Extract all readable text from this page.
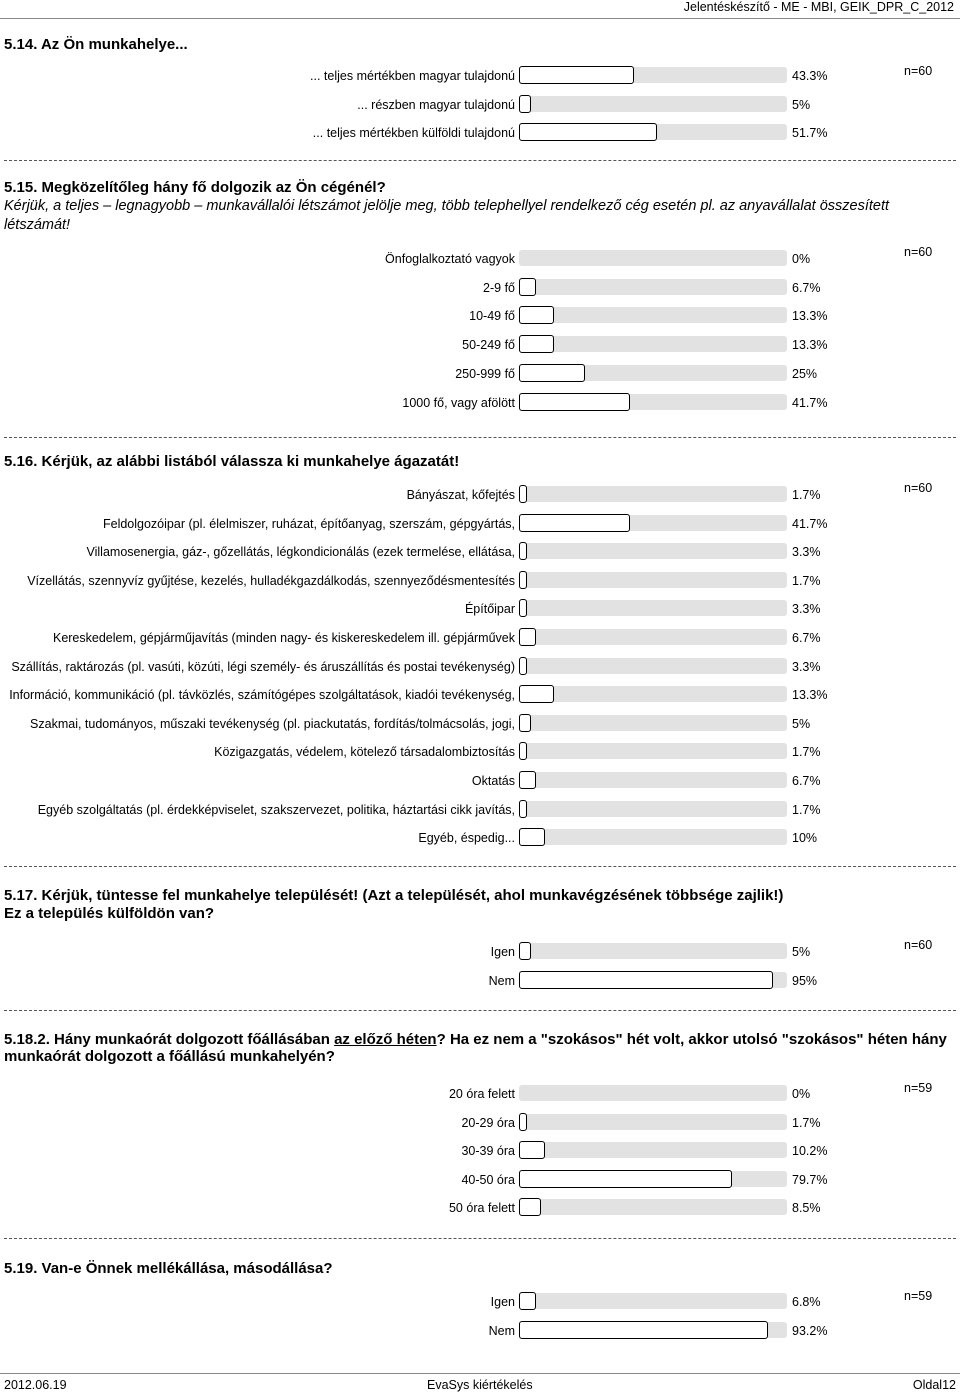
Jelentéskészítő - ME - MBI, GEIK_DPR_C_2012
5.14. Az Ön munkahelye...
n=60
... teljes mértékben magyar tulajdonú	43.3%
... részben magyar tulajdonú	5%
... teljes mértékben külföldi tulajdonú	51.7%
5.15. Megközelítőleg hány fő dolgozik az Ön cégénél?
Kérjük, a teljes – legnagyobb – munkavállalói létszámot jelölje meg, több telephellyel rendelkező cég esetén pl. az anyavállalat összesített létszámát!
n=60
Önfoglalkoztató vagyok	0%
2-9 fő	6.7%
10-49 fő	13.3%
50-249 fő	13.3%
250-999 fő	25%
1000 fő, vagy afölött	41.7%
5.16. Kérjük, az alábbi listából válassza ki munkahelye ágazatát!
n=60
Bányászat, kőfejtés	1.7%
Feldolgozóipar (pl. élelmiszer, ruházat, építőanyag, szerszám, gépgyártás,	41.7%
Villamosenergia, gáz-, gőzellátás, légkondicionálás (ezek termelése, ellátása,	3.3%
Vízellátás, szennyvíz gyűjtése, kezelés, hulladékgazdálkodás, szennyeződésmentesítés	1.7%
Építőipar	3.3%
Kereskedelem, gépjárműjavítás (minden nagy- és kiskereskedelem ill. gépjárművek	6.7%
Szállítás, raktározás (pl. vasúti, közúti, légi személy- és áruszállítás és postai tevékenység)	3.3%
Információ, kommunikáció (pl. távközlés, számítógépes szolgáltatások, kiadói tevékenység,	13.3%
Szakmai, tudományos, műszaki tevékenység (pl. piackutatás, fordítás/tolmácsolás, jogi,	5%
Közigazgatás, védelem, kötelező társadalombiztosítás	1.7%
Oktatás	6.7%
Egyéb szolgáltatás (pl. érdekképviselet, szakszervezet, politika, háztartási cikk javítás,	1.7%
Egyéb, éspedig...	10%
5.17. Kérjük, tüntesse fel munkahelye települését! (Azt a települését, ahol munkavégzésének többsége zajlik!)
Ez a település külföldön van?
n=60
Igen	5%
Nem	95%
5.18.2. Hány munkaórát dolgozott főállásában az előző héten? Ha ez nem a "szokásos" hét volt, akkor utolsó "szokásos" héten hány
munkaórát dolgozott a főállású munkahelyén?
n=59
20 óra felett	0%
20-29 óra	1.7%
30-39 óra	10.2%
40-50 óra	79.7%
50 óra felett	8.5%
5.19. Van-e Önnek mellékállása, másodállása?
n=59
Igen	6.8%
Nem	93.2%
2012.06.19	EvaSys kiértékelés	Oldal12
